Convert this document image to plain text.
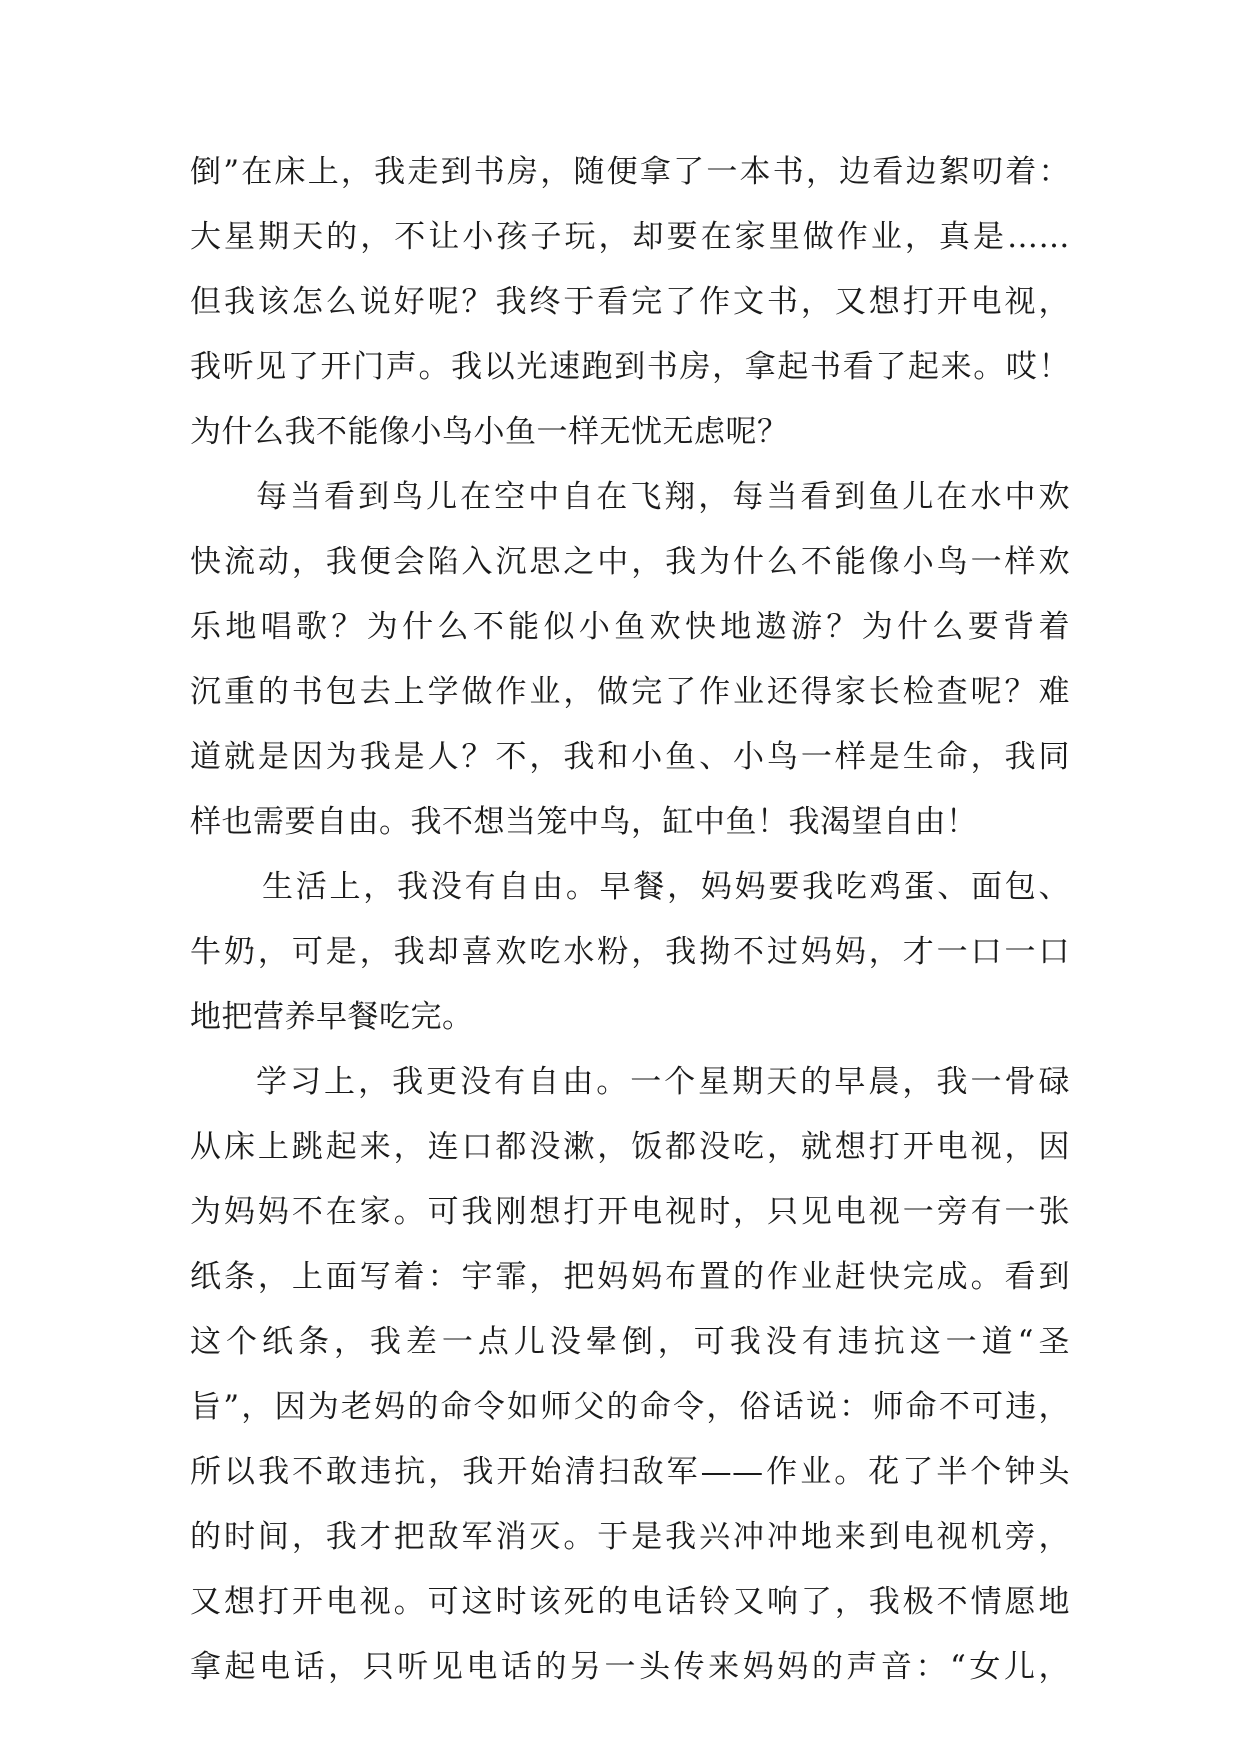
倒”在床上，我走到书房，随便拿了一本书，边看边絮叨着：
大星期天的，不让小孩子玩，却要在家里做作业，真是……
但我该怎么说好呢？我终于看完了作文书，又想打开电视，
我听见了开门声。我以光速跑到书房，拿起书看了起来。哎！
为什么我不能像小鸟小鱼一样无忧无虑呢？
每当看到鸟儿在空中自在飞翔，每当看到鱼儿在水中欢
快流动，我便会陷入沉思之中，我为什么不能像小鸟一样欢
乐地唱歌？为什么不能似小鱼欢快地遨游？为什么要背着
沉重的书包去上学做作业，做完了作业还得家长检查呢？难
道就是因为我是人？不，我和小鱼、小鸟一样是生命，我同
样也需要自由。我不想当笼中鸟，缸中鱼！我渴望自由！
生活上，我没有自由。早餐，妈妈要我吃鸡蛋、面包、
牛奶，可是，我却喜欢吃水粉，我拗不过妈妈，才一口一口
地把营养早餐吃完。
学习上，我更没有自由。一个星期天的早晨，我一骨碌
从床上跳起来，连口都没漱，饭都没吃，就想打开电视，因
为妈妈不在家。可我刚想打开电视时，只见电视一旁有一张
纸条，上面写着：宇霏，把妈妈布置的作业赶快完成。看到
这个纸条，我差一点儿没晕倒，可我没有违抗这一道“圣
旨”，因为老妈的命令如师父的命令，俗话说：师命不可违，
所以我不敢违抗，我开始清扫敌军——作业。花了半个钟头
的时间，我才把敌军消灭。于是我兴冲冲地来到电视机旁，
又想打开电视。可这时该死的电话铃又响了，我极不情愿地
拿起电话，只听见电话的另一头传来妈妈的声音：“女儿，
